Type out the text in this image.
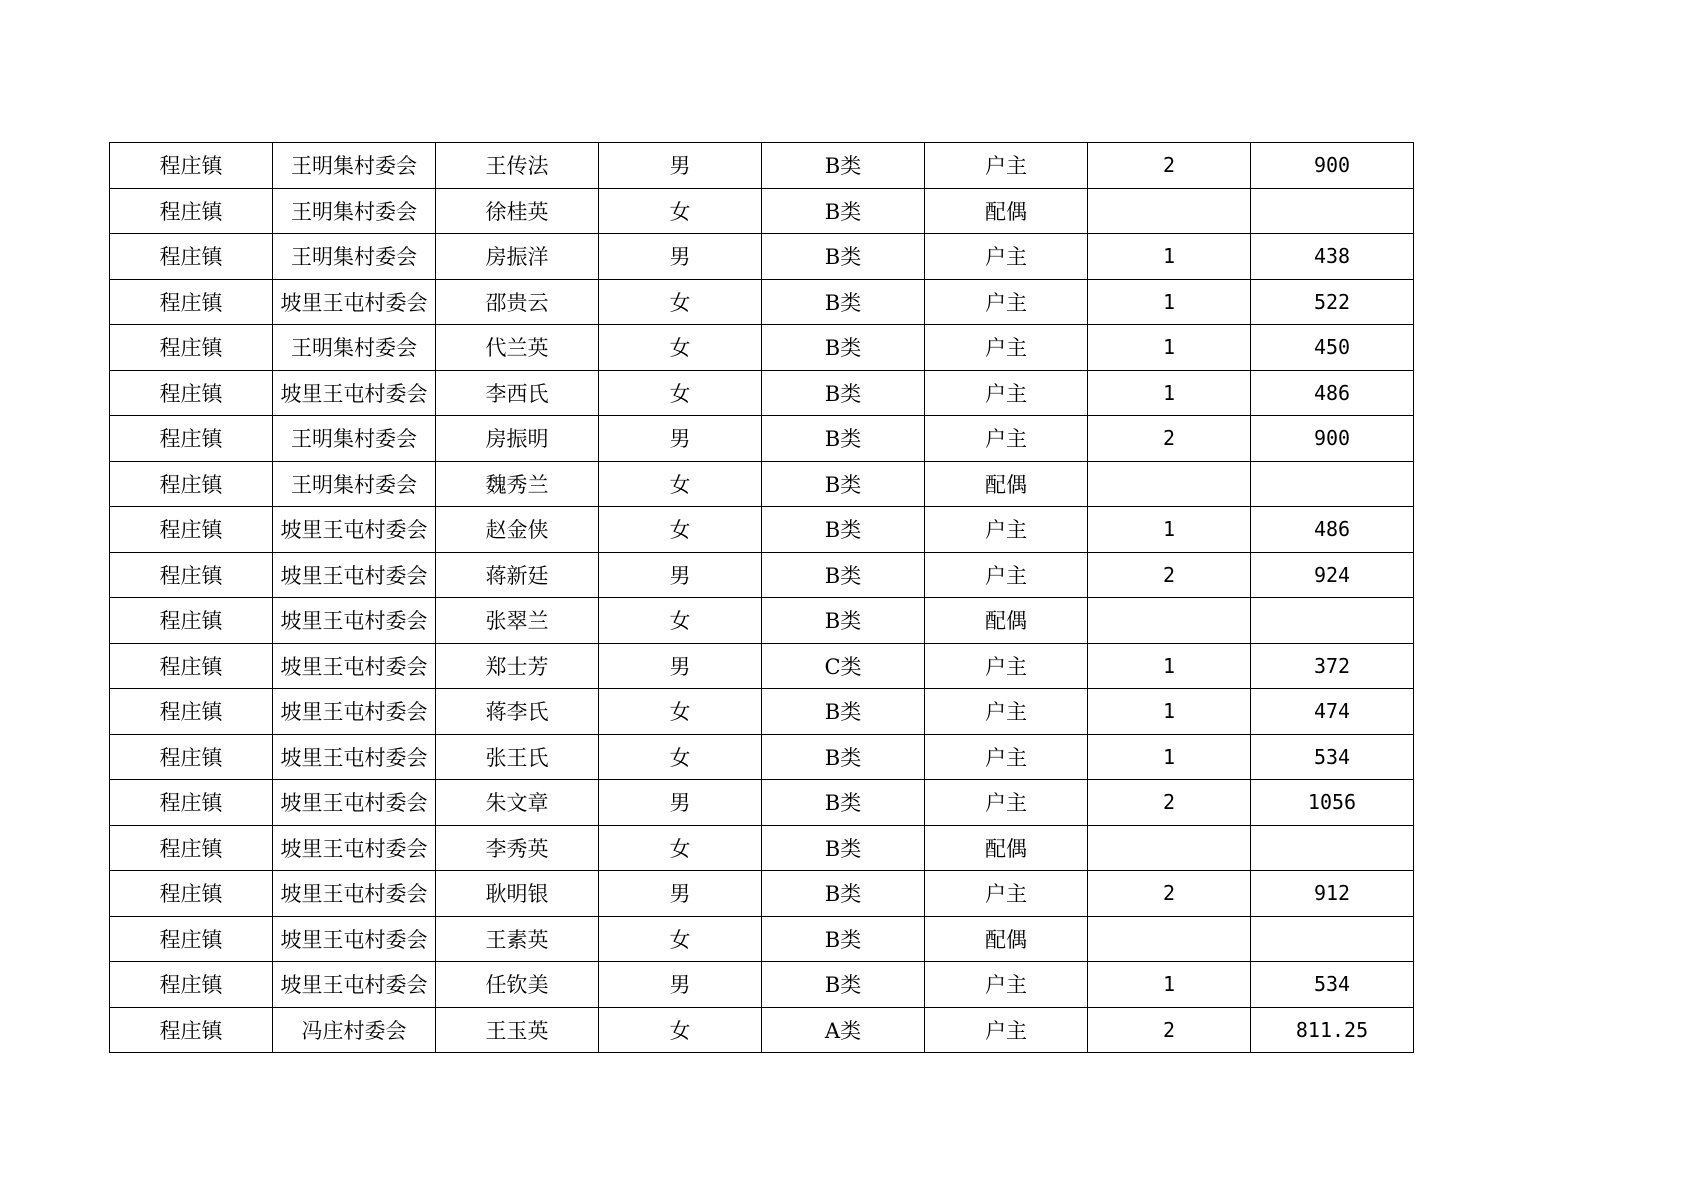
程庄镇	王明集村委会	王传法	男	B类	户主	2	900
程庄镇	王明集村委会	徐桂英	女	B类	配偶		
程庄镇	王明集村委会	房振洋	男	B类	户主	1	438
程庄镇	坡里王屯村委会	邵贵云	女	B类	户主	1	522
程庄镇	王明集村委会	代兰英	女	B类	户主	1	450
程庄镇	坡里王屯村委会	李西氏	女	B类	户主	1	486
程庄镇	王明集村委会	房振明	男	B类	户主	2	900
程庄镇	王明集村委会	魏秀兰	女	B类	配偶		
程庄镇	坡里王屯村委会	赵金侠	女	B类	户主	1	486
程庄镇	坡里王屯村委会	蒋新廷	男	B类	户主	2	924
程庄镇	坡里王屯村委会	张翠兰	女	B类	配偶		
程庄镇	坡里王屯村委会	郑士芳	男	C类	户主	1	372
程庄镇	坡里王屯村委会	蒋李氏	女	B类	户主	1	474
程庄镇	坡里王屯村委会	张王氏	女	B类	户主	1	534
程庄镇	坡里王屯村委会	朱文章	男	B类	户主	2	1056
程庄镇	坡里王屯村委会	李秀英	女	B类	配偶		
程庄镇	坡里王屯村委会	耿明银	男	B类	户主	2	912
程庄镇	坡里王屯村委会	王素英	女	B类	配偶		
程庄镇	坡里王屯村委会	任钦美	男	B类	户主	1	534
程庄镇	冯庄村委会	王玉英	女	A类	户主	2	811.25
